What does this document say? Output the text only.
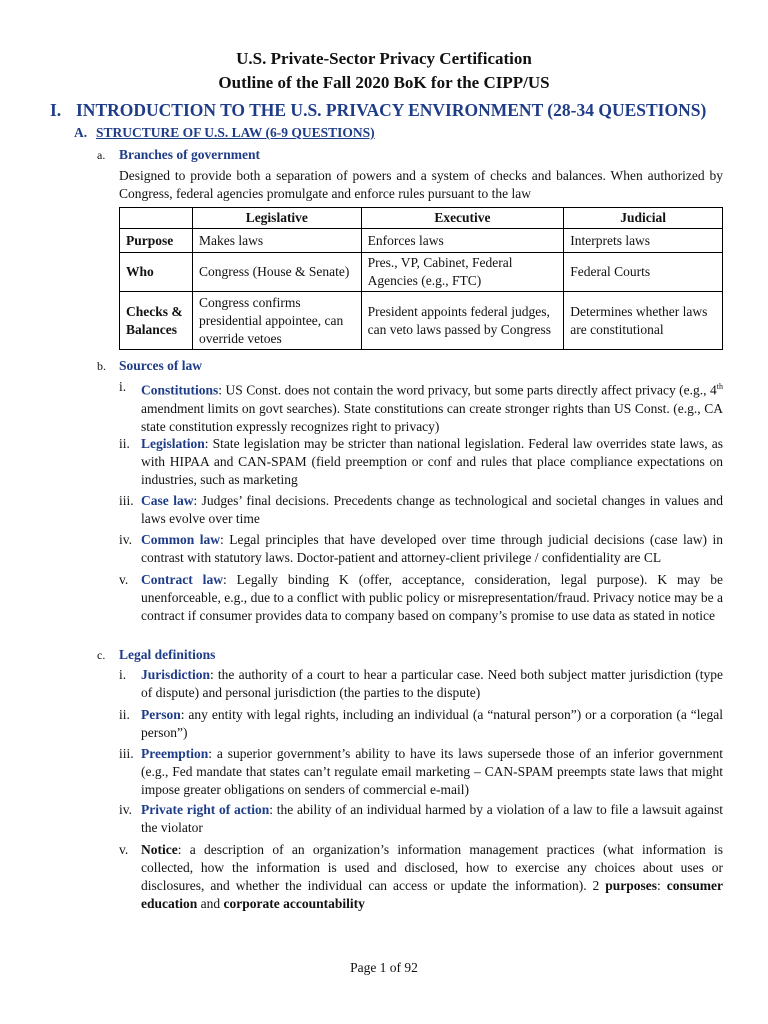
U.S. Private-Sector Privacy Certification
Outline of the Fall 2020 BoK for the CIPP/US
I. INTRODUCTION TO THE U.S. PRIVACY ENVIRONMENT (28-34 QUESTIONS)
A. STRUCTURE OF U.S. LAW (6-9 QUESTIONS)
a. Branches of government
Designed to provide both a separation of powers and a system of checks and balances. When authorized by Congress, federal agencies promulgate and enforce rules pursuant to the law
	Legislative	Executive	Judicial
Purpose	Makes laws	Enforces laws	Interprets laws
Who	Congress (House & Senate)	Pres., VP, Cabinet, Federal Agencies (e.g., FTC)	Federal Courts
Checks & Balances	Congress confirms presidential appointee, can override vetoes	President appoints federal judges, can veto laws passed by Congress	Determines whether laws are constitutional
b. Sources of law
i.	Constitutions: US Const. does not contain the word privacy, but some parts directly affect privacy (e.g., 4th amendment limits on govt searches). State constitutions can create stronger rights than US Const. (e.g., CA state constitution expressly recognizes right to privacy)
ii. Legislation: State legislation may be stricter than national legislation. Federal law overrides state laws, as with HIPAA and CAN-SPAM (field preemption or conf and rules that place compliance expectations on industries, such as marketing
iii. Case law: Judges’ final decisions. Precedents change as technological and societal changes in values and laws evolve over time
iv. Common law: Legal principles that have developed over time through judicial decisions (case law) in contrast with statutory laws. Doctor-patient and attorney-client privilege / confidentiality are CL
v. Contract law: Legally binding K (offer, acceptance, consideration, legal purpose). K may be unenforceable, e.g., due to a conflict with public policy or misrepresentation/fraud. Privacy notice may be a contract if consumer provides data to company based on company’s promise to use data as stated in notice
c. Legal definitions
i.	Jurisdiction: the authority of a court to hear a particular case. Need both subject matter jurisdiction (type of dispute) and personal jurisdiction (the parties to the dispute)
ii. Person: any entity with legal rights, including an individual (a “natural person”) or a corporation (a “legal person”)
iii. Preemption: a superior government’s ability to have its laws supersede those of an inferior government (e.g., Fed mandate that states can’t regulate email marketing – CAN-SPAM preempts state laws that might impose greater obligations on senders of commercial e-mail)
iv. Private right of action: the ability of an individual harmed by a violation of a law to file a lawsuit against the violator
v. Notice: a description of an organization’s information management practices (what information is collected, how the information is used and disclosed, how to exercise any choices about uses or disclosures, and whether the individual can access or update the information). 2 purposes: consumer education and corporate accountability
Page 1 of 92
